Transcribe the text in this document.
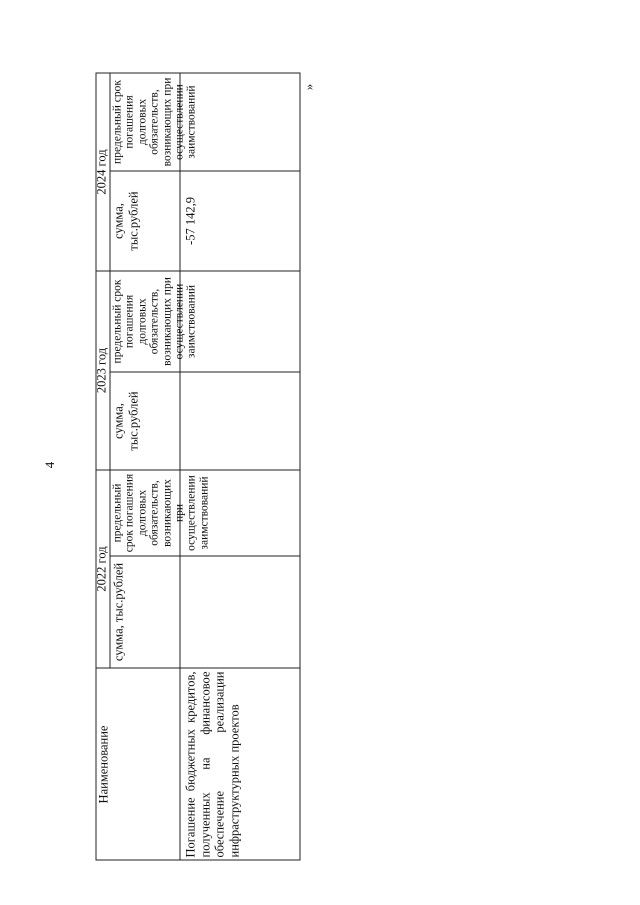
4
»
Наименование
2022 год
2023 год
2024 год
сумма, тыс.рублей
предельный срок погашения долговых обязательств, возникающих при осуществлении заимствований
сумма, тыс.рублей
предельный срок погашения долговых обязательств, возникающих при осуществлении заимствований
сумма, тыс.рублей
предельный срок погашения долговых обязательств, возникающих при осуществлении заимствований
Погашение бюджетных кредитов, полученных на финансовое обеспечение реализации инфраструктурных проектов
-57 142,9
